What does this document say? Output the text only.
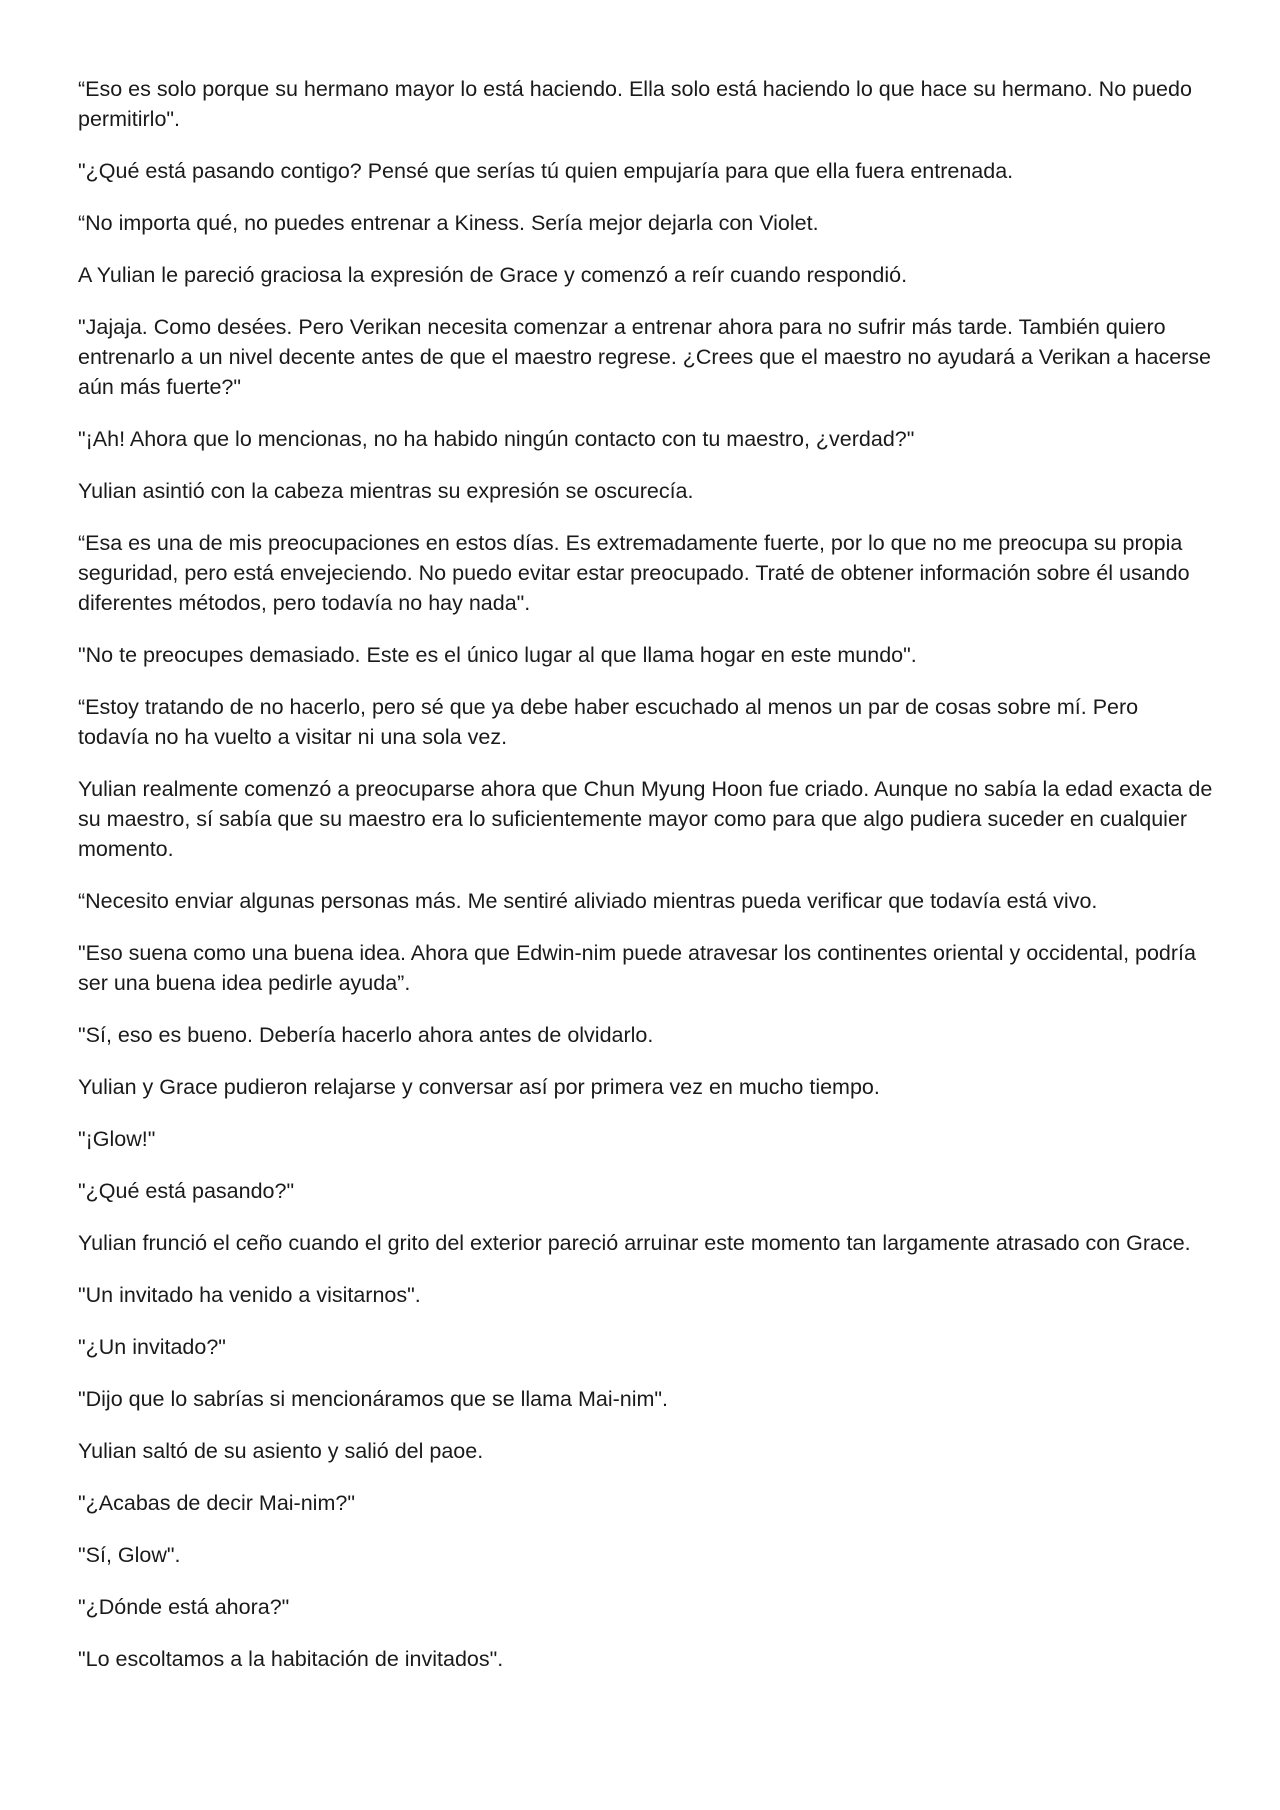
“Eso es solo porque su hermano mayor lo está haciendo. Ella solo está haciendo lo que hace su hermano. No puedo permitirlo".

"¿Qué está pasando contigo? Pensé que serías tú quien empujaría para que ella fuera entrenada.

“No importa qué, no puedes entrenar a Kiness. Sería mejor dejarla con Violet.

A Yulian le pareció graciosa la expresión de Grace y comenzó a reír cuando respondió.

"Jajaja. Como desées. Pero Verikan necesita comenzar a entrenar ahora para no sufrir más tarde. También quiero entrenarlo a un nivel decente antes de que el maestro regrese. ¿Crees que el maestro no ayudará a Verikan a hacerse aún más fuerte?"

"¡Ah! Ahora que lo mencionas, no ha habido ningún contacto con tu maestro, ¿verdad?"

Yulian asintió con la cabeza mientras su expresión se oscurecía.

“Esa es una de mis preocupaciones en estos días. Es extremadamente fuerte, por lo que no me preocupa su propia seguridad, pero está envejeciendo. No puedo evitar estar preocupado. Traté de obtener información sobre él usando diferentes métodos, pero todavía no hay nada".

"No te preocupes demasiado. Este es el único lugar al que llama hogar en este mundo".

“Estoy tratando de no hacerlo, pero sé que ya debe haber escuchado al menos un par de cosas sobre mí. Pero todavía no ha vuelto a visitar ni una sola vez.

Yulian realmente comenzó a preocuparse ahora que Chun Myung Hoon fue criado. Aunque no sabía la edad exacta de su maestro, sí sabía que su maestro era lo suficientemente mayor como para que algo pudiera suceder en cualquier momento.

“Necesito enviar algunas personas más. Me sentiré aliviado mientras pueda verificar que todavía está vivo.

"Eso suena como una buena idea. Ahora que Edwin-nim puede atravesar los continentes oriental y occidental, podría ser una buena idea pedirle ayuda”.

"Sí, eso es bueno. Debería hacerlo ahora antes de olvidarlo.

Yulian y Grace pudieron relajarse y conversar así por primera vez en mucho tiempo.

"¡Glow!"

"¿Qué está pasando?"

Yulian frunció el ceño cuando el grito del exterior pareció arruinar este momento tan largamente atrasado con Grace.

"Un invitado ha venido a visitarnos".

"¿Un invitado?"

"Dijo que lo sabrías si mencionáramos que se llama Mai-nim".

Yulian saltó de su asiento y salió del paoe.

"¿Acabas de decir Mai-nim?"

"Sí, Glow".

"¿Dónde está ahora?"

"Lo escoltamos a la habitación de invitados".
